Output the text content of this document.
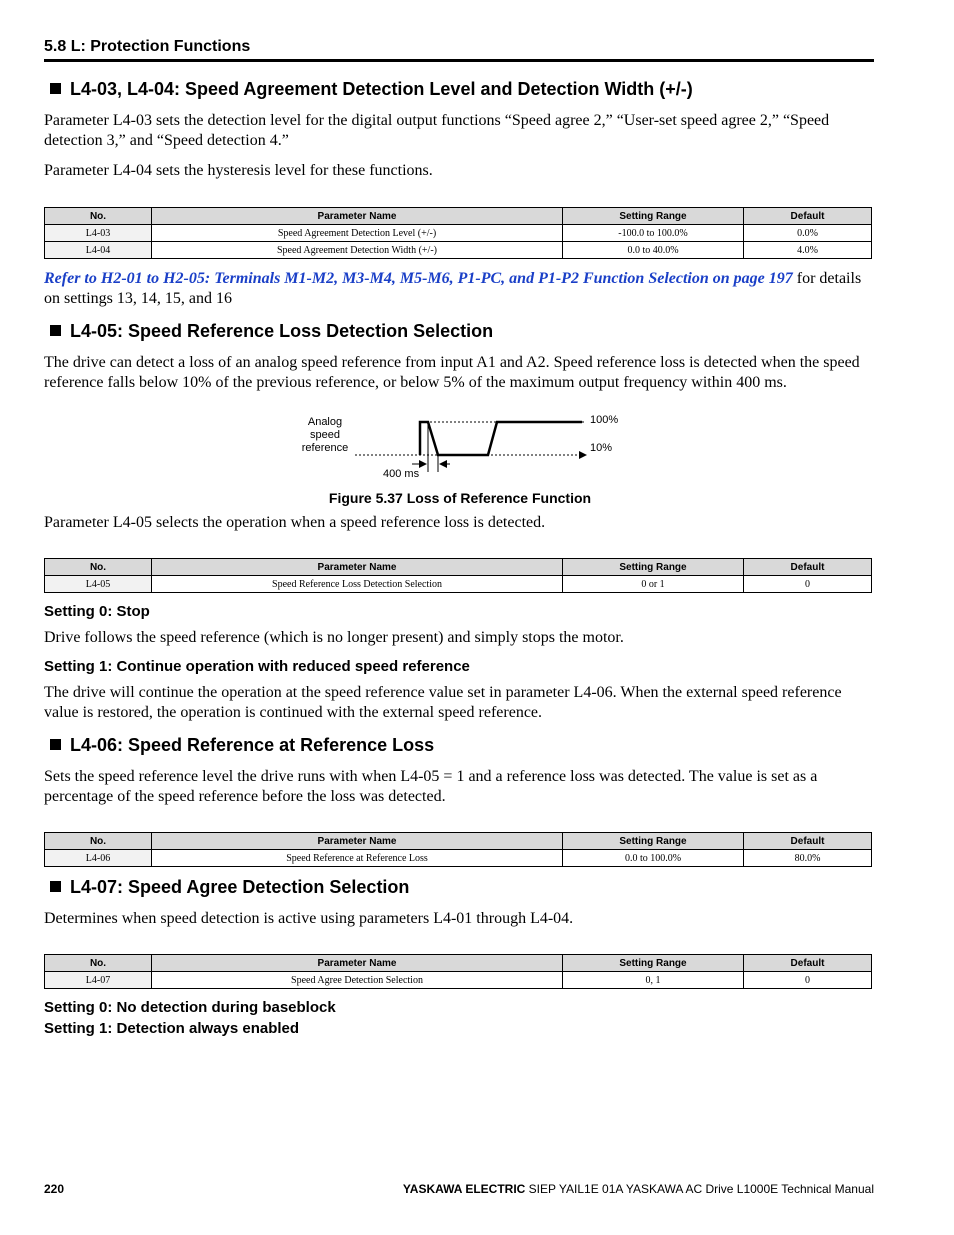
5.8 L: Protection Functions
L4-03, L4-04: Speed Agreement Detection Level and Detection Width (+/-)
Parameter L4-03 sets the detection level for the digital output functions “Speed agree 2,” “User-set speed agree 2,” “Speed detection 3,” and “Speed detection 4.”
Parameter L4-04 sets the hysteresis level for these functions.
No.	Parameter Name	Setting Range	Default
L4-03	Speed Agreement Detection Level (+/-)	-100.0 to 100.0%	0.0%
L4-04	Speed Agreement Detection Width (+/-)	0.0 to 40.0%	4.0%
Refer to H2-01 to H2-05: Terminals M1-M2, M3-M4, M5-M6, P1-PC, and P1-P2 Function Selection on page 197 for details on settings 13, 14, 15, and 16
L4-05: Speed Reference Loss Detection Selection
The drive can detect a loss of an analog speed reference from input A1 and A2. Speed reference loss is detected when the speed reference falls below 10% of the previous reference, or below 5% of the maximum output frequency within 400 ms.
Analog
speed
reference
100%
10%
400 ms
Figure 5.37 Loss of Reference Function
Parameter L4-05 selects the operation when a speed reference loss is detected.
No.	Parameter Name	Setting Range	Default
L4-05	Speed Reference Loss Detection Selection	0 or 1	0
Setting 0: Stop
Drive follows the speed reference (which is no longer present) and simply stops the motor.
Setting 1: Continue operation with reduced speed reference
The drive will continue the operation at the speed reference value set in parameter L4-06. When the external speed reference value is restored, the operation is continued with the external speed reference.
L4-06: Speed Reference at Reference Loss
Sets the speed reference level the drive runs with when L4-05 = 1 and a reference loss was detected. The value is set as a percentage of the speed reference before the loss was detected.
No.	Parameter Name	Setting Range	Default
L4-06	Speed Reference at Reference Loss	0.0 to 100.0%	80.0%
L4-07: Speed Agree Detection Selection
Determines when speed detection is active using parameters L4-01 through L4-04.
No.	Parameter Name	Setting Range	Default
L4-07	Speed Agree Detection Selection	0, 1	0
Setting 0: No detection during baseblock
Setting 1: Detection always enabled
220	YASKAWA ELECTRIC SIEP YAIL1E 01A YASKAWA AC Drive L1000E Technical Manual
